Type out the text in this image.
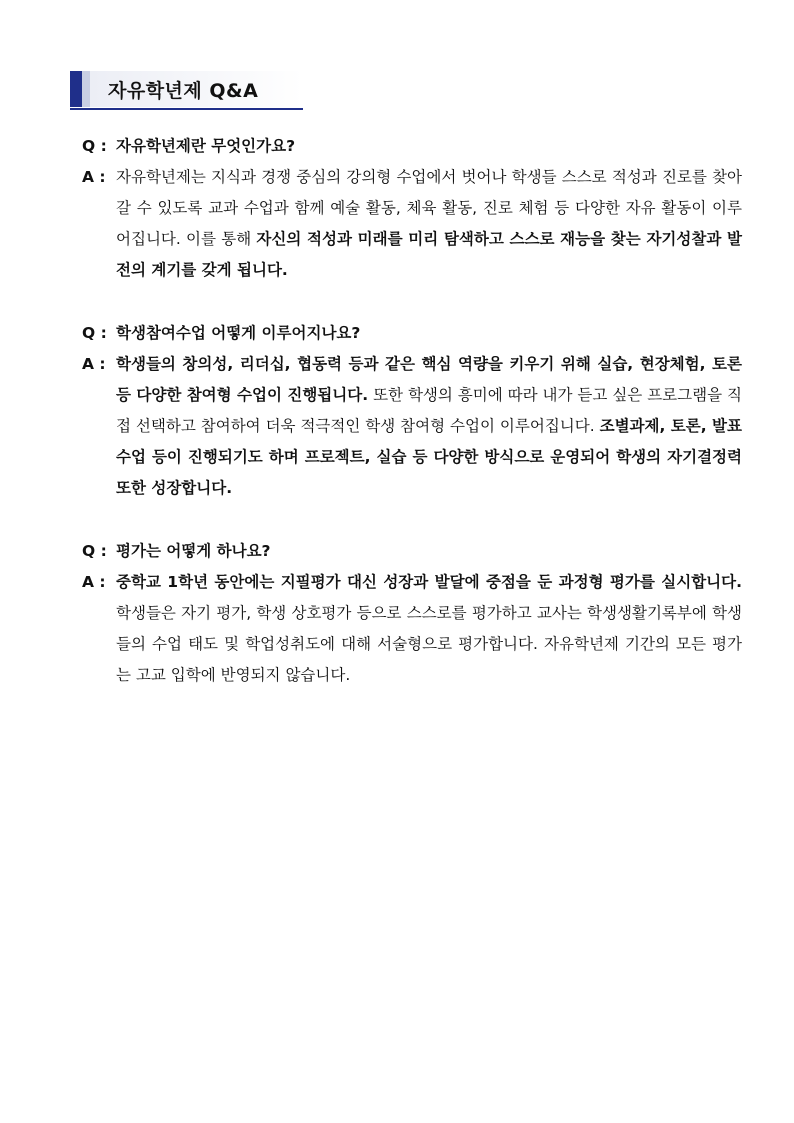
자유학년제 Q&A
Q : 자유학년제란 무엇인가요?
A : 자유학년제는 지식과 경쟁 중심의 강의형 수업에서 벗어나 학생들 스스로 적성과 진로를 찾아갈 수 있도록 교과 수업과 함께 예술 활동, 체육 활동, 진로 체험 등 다양한 자유 활동이 이루어집니다. 이를 통해 자신의 적성과 미래를 미리 탐색하고 스스로 재능을 찾는 자기성찰과 발전의 계기를 갖게 됩니다.
Q : 학생참여수업 어떻게 이루어지나요?
A : 학생들의 창의성, 리더십, 협동력 등과 같은 핵심 역량을 키우기 위해 실습, 현장체험, 토론 등 다양한 참여형 수업이 진행됩니다. 또한 학생의 흥미에 따라 내가 듣고 싶은 프로그램을 직접 선택하고 참여하여 더욱 적극적인 학생 참여형 수업이 이루어집니다. 조별과제, 토론, 발표 수업 등이 진행되기도 하며 프로젝트, 실습 등 다양한 방식으로 운영되어 학생의 자기결정력 또한 성장합니다.
Q : 평가는 어떻게 하나요?
A : 중학교 1학년 동안에는 지필평가 대신 성장과 발달에 중점을 둔 과정형 평가를 실시합니다. 학생들은 자기 평가, 학생 상호평가 등으로 스스로를 평가하고 교사는 학생생활기록부에 학생들의 수업 태도 및 학업성취도에 대해 서술형으로 평가합니다. 자유학년제 기간의 모든 평가는 고교 입학에 반영되지 않습니다.
